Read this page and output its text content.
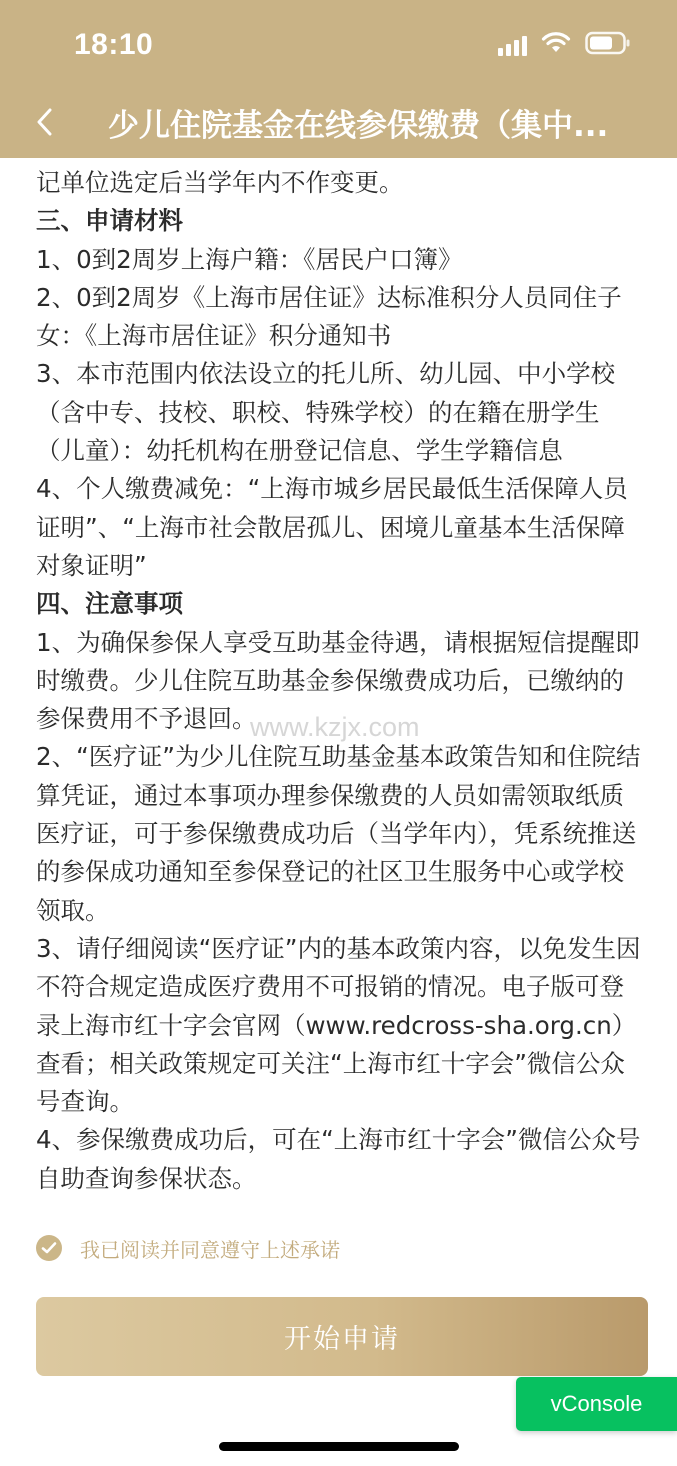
18:10
少儿住院基金在线参保缴费（集中...

记单位选定后当学年内不作变更。

三、申请材料

1、0到2周岁上海户籍：《居民户口簿》

2、0到2周岁《上海市居住证》达标准积分人员同住子女：《上海市居住证》积分通知书

3、本市范围内依法设立的托儿所、幼儿园、中小学校（含中专、技校、职校、特殊学校）的在籍在册学生（儿童）：幼托机构在册登记信息、学生学籍信息

4、个人缴费减免：“上海市城乡居民最低生活保障人员证明”、“上海市社会散居孤儿、困境儿童基本生活保障对象证明”

四、注意事项

1、为确保参保人享受互助基金待遇，请根据短信提醒即时缴费。少儿住院互助基金参保缴费成功后，已缴纳的参保费用不予退回。

2、“医疗证”为少儿住院互助基金基本政策告知和住院结算凭证，通过本事项办理参保缴费的人员如需领取纸质医疗证，可于参保缴费成功后（当学年内），凭系统推送的参保成功通知至参保登记的社区卫生服务中心或学校领取。

3、请仔细阅读“医疗证”内的基本政策内容，以免发生因不符合规定造成医疗费用不可报销的情况。电子版可登录上海市红十字会官网（www.redcross-sha.org.cn）查看；相关政策规定可关注“上海市红十字会”微信公众号查询。

4、参保缴费成功后，可在“上海市红十字会”微信公众号自助查询参保状态。

www.kzjx.com
我已阅读并同意遵守上述承诺
开始申请
vConsole
